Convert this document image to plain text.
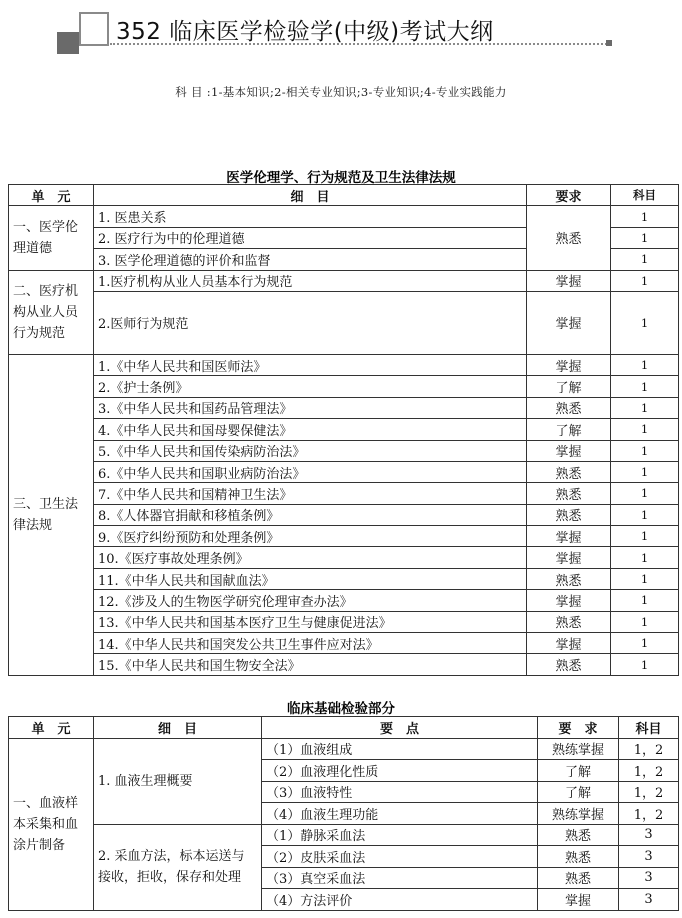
352 临床医学检验学(中级)考试大纲
科 目 :1-基本知识;2-相关专业知识;3-专业知识;4-专业实践能力
医学伦理学、行为规范及卫生法律法规
单　元	细　目	要求	科目
一、医学伦理道德	1. 医患关系	熟悉	1
	2. 医疗行为中的伦理道德		1
	3. 医学伦理道德的评价和监督		1
二、医疗机构从业人员行为规范	1.医疗机构从业人员基本行为规范	掌握	1
	2.医师行为规范	掌握	1
三、卫生法律法规	1.《中华人民共和国医师法》	掌握	1
	2.《护士条例》	了解	1
	3.《中华人民共和国药品管理法》	熟悉	1
	4.《中华人民共和国母婴保健法》	了解	1
	5.《中华人民共和国传染病防治法》	掌握	1
	6.《中华人民共和国职业病防治法》	熟悉	1
	7.《中华人民共和国精神卫生法》	熟悉	1
	8.《人体器官捐献和移植条例》	熟悉	1
	9.《医疗纠纷预防和处理条例》	掌握	1
	10.《医疗事故处理条例》	掌握	1
	11.《中华人民共和国献血法》	熟悉	1
	12.《涉及人的生物医学研究伦理审查办法》	掌握	1
	13.《中华人民共和国基本医疗卫生与健康促进法》	熟悉	1
	14.《中华人民共和国突发公共卫生事件应对法》	掌握	1
	15.《中华人民共和国生物安全法》	熟悉	1
临床基础检验部分
单　元	细　目	要　点	要　求	科目
一、血液样本采集和血涂片制备	1. 血液生理概要	（1）血液组成	熟练掌握	1，2
		（2）血液理化性质	了解	1，2
		（3）血液特性	了解	1，2
		（4）血液生理功能	熟练掌握	1，2
	2. 采血方法，标本运送与接收，拒收，保存和处理	（1）静脉采血法	熟悉	3
		（2）皮肤采血法	熟悉	3
		（3）真空采血法	熟悉	3
		（4）方法评价	掌握	3
